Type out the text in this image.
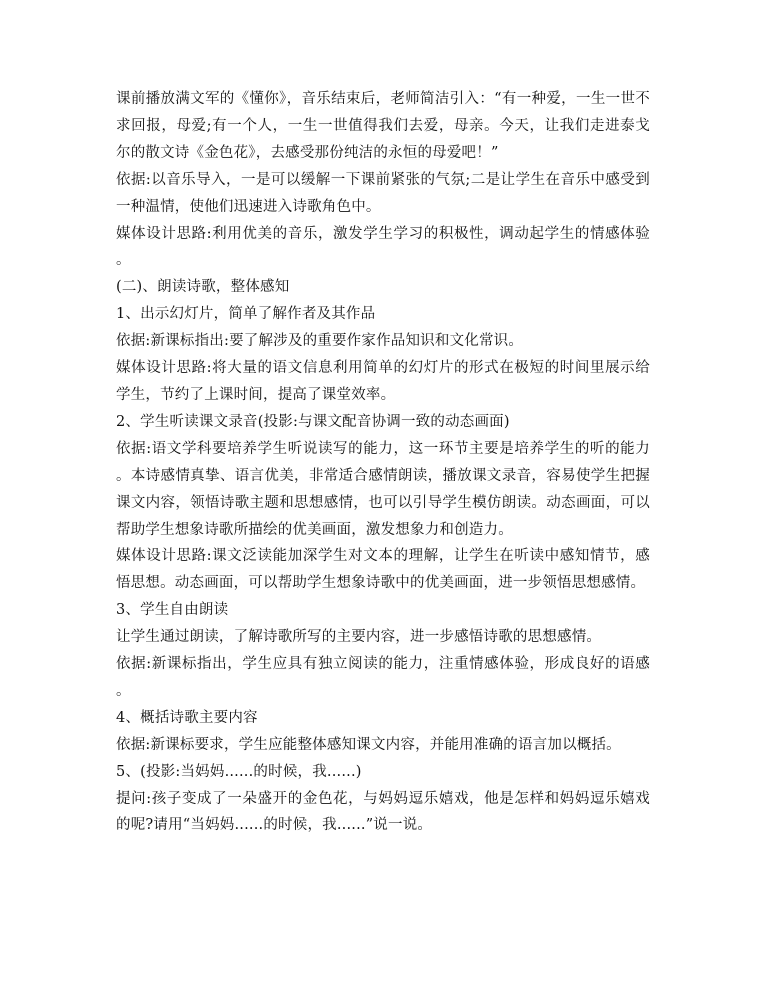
课前播放满文军的《懂你》，音乐结束后，老师简洁引入：“有一种爱，一生一世不求回报，母爱;有一个人，一生一世值得我们去爱，母亲。今天，让我们走进泰戈尔的散文诗《金色花》，去感受那份纯洁的永恒的母爱吧！”

依据:以音乐导入，一是可以缓解一下课前紧张的气氛;二是让学生在音乐中感受到一种温情，使他们迅速进入诗歌角色中。

媒体设计思路:利用优美的音乐，激发学生学习的积极性，调动起学生的情感体验。

(二)、朗读诗歌，整体感知

1、出示幻灯片，简单了解作者及其作品

依据:新课标指出:要了解涉及的重要作家作品知识和文化常识。

媒体设计思路:将大量的语文信息利用简单的幻灯片的形式在极短的时间里展示给学生，节约了上课时间，提高了课堂效率。

2、学生听读课文录音(投影:与课文配音协调一致的动态画面)

依据:语文学科要培养学生听说读写的能力，这一环节主要是培养学生的听的能力。本诗感情真挚、语言优美，非常适合感情朗读，播放课文录音，容易使学生把握课文内容，领悟诗歌主题和思想感情，也可以引导学生模仿朗读。动态画面，可以帮助学生想象诗歌所描绘的优美画面，激发想象力和创造力。

媒体设计思路:课文泛读能加深学生对文本的理解，让学生在听读中感知情节，感悟思想。动态画面，可以帮助学生想象诗歌中的优美画面，进一步领悟思想感情。

3、学生自由朗读

让学生通过朗读，了解诗歌所写的主要内容，进一步感悟诗歌的思想感情。

依据:新课标指出，学生应具有独立阅读的能力，注重情感体验，形成良好的语感。

4、概括诗歌主要内容

依据:新课标要求，学生应能整体感知课文内容，并能用准确的语言加以概括。

5、(投影:当妈妈......的时候，我......)

提问:孩子变成了一朵盛开的金色花，与妈妈逗乐嬉戏，他是怎样和妈妈逗乐嬉戏的呢?请用“当妈妈......的时候，我......”说一说。
